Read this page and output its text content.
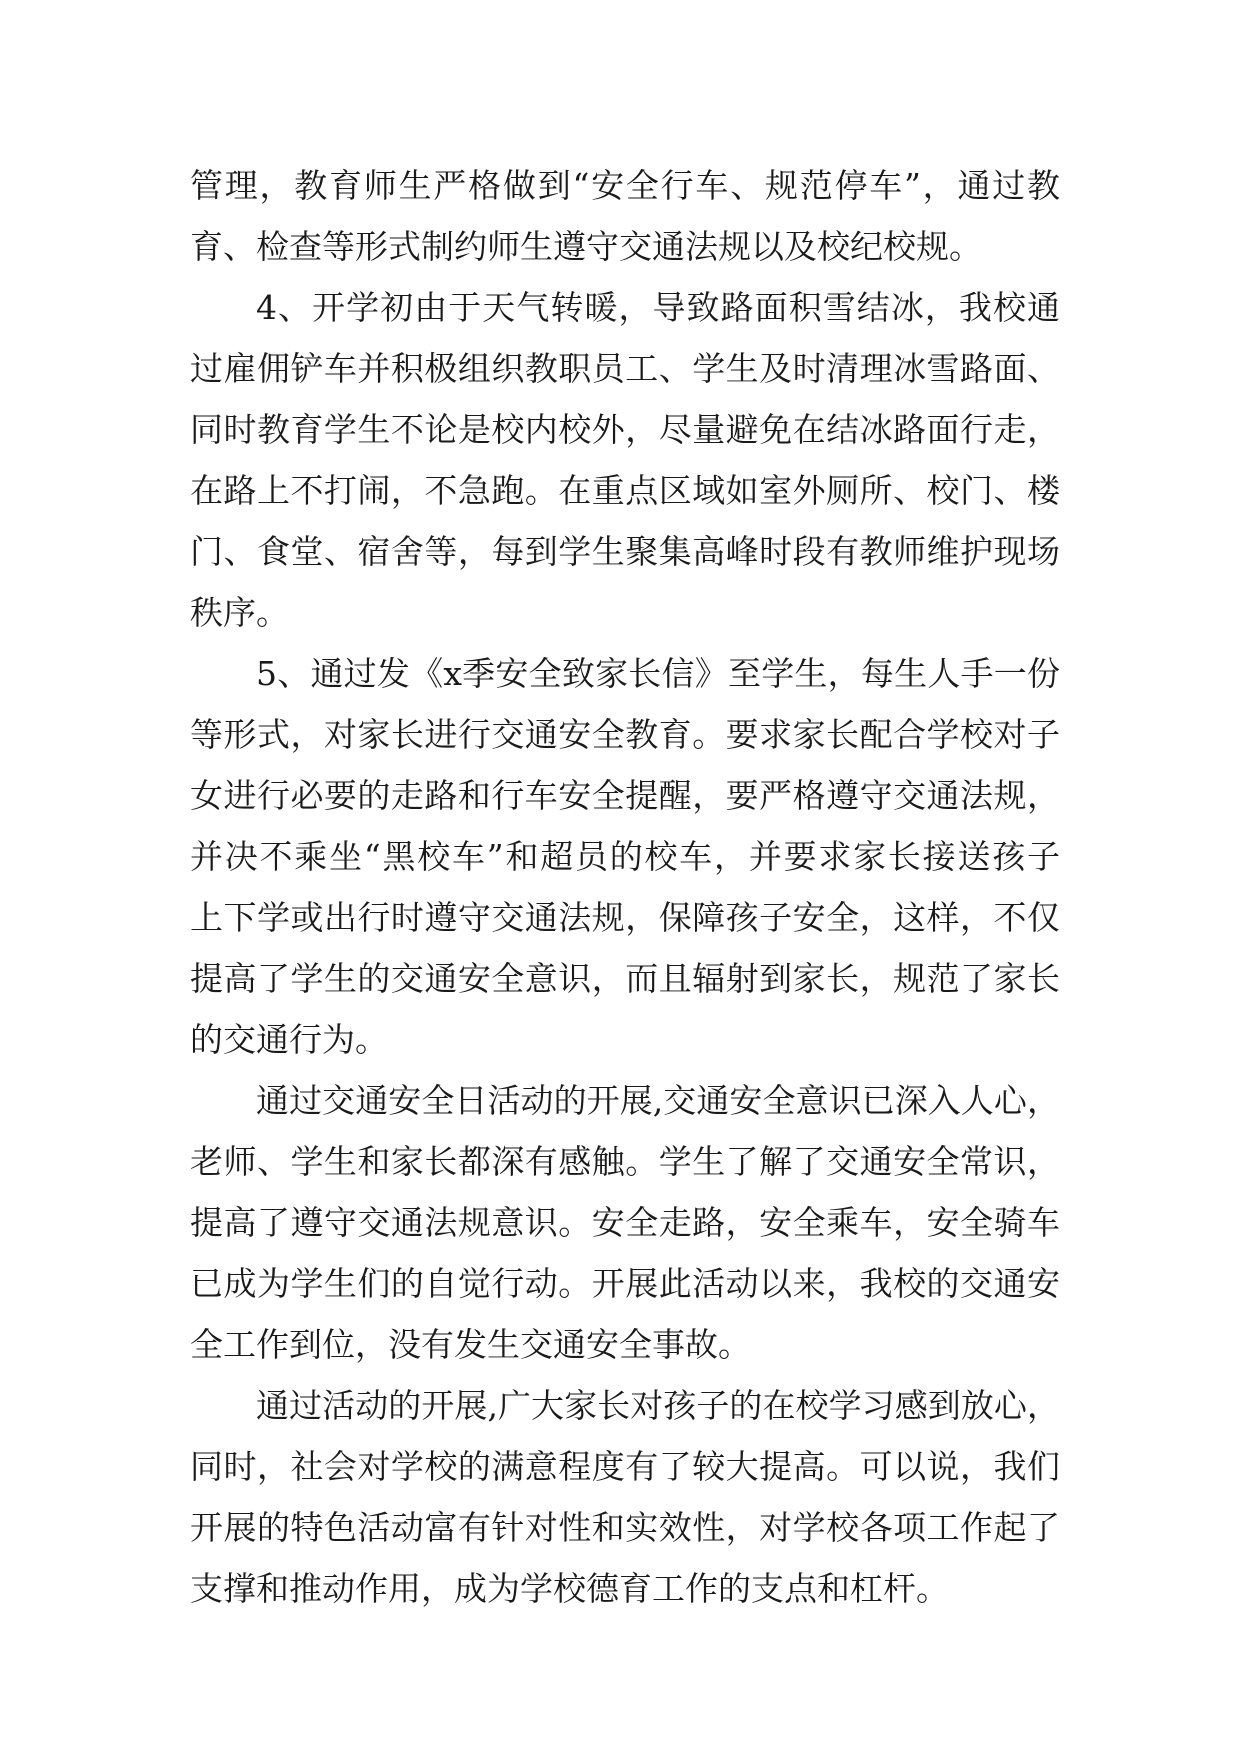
管理，教育师生严格做到“安全行车、规范停车”，通过教
育、检查等形式制约师生遵守交通法规以及校纪校规。
4、开学初由于天气转暖，导致路面积雪结冰，我校通
过雇佣铲车并积极组织教职员工、学生及时清理冰雪路面、
同时教育学生不论是校内校外，尽量避免在结冰路面行走，
在路上不打闹，不急跑。在重点区域如室外厕所、校门、楼
门、食堂、宿舍等，每到学生聚集高峰时段有教师维护现场
秩序。
5、通过发《x季安全致家长信》至学生，每生人手一份
等形式，对家长进行交通安全教育。要求家长配合学校对子
女进行必要的走路和行车安全提醒，要严格遵守交通法规，
并决不乘坐“黑校车”和超员的校车，并要求家长接送孩子
上下学或出行时遵守交通法规，保障孩子安全，这样，不仅
提高了学生的交通安全意识，而且辐射到家长，规范了家长
的交通行为。
通过交通安全日活动的开展,交通安全意识已深入人心，
老师、学生和家长都深有感触。学生了解了交通安全常识，
提高了遵守交通法规意识。安全走路，安全乘车，安全骑车
已成为学生们的自觉行动。开展此活动以来，我校的交通安
全工作到位，没有发生交通安全事故。
通过活动的开展,广大家长对孩子的在校学习感到放心，
同时，社会对学校的满意程度有了较大提高。可以说，我们
开展的特色活动富有针对性和实效性，对学校各项工作起了
支撑和推动作用，成为学校德育工作的支点和杠杆。
